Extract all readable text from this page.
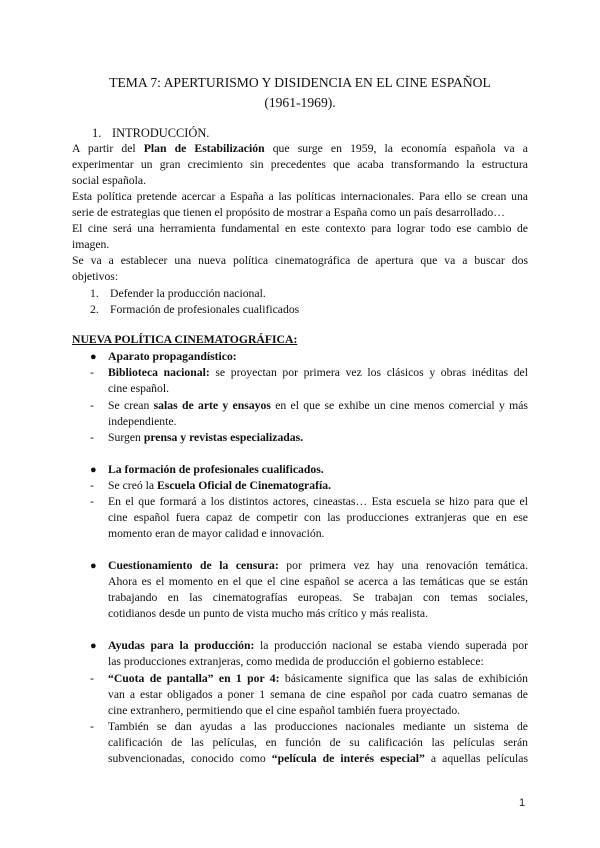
TEMA 7: APERTURISMO Y DISIDENCIA EN EL CINE ESPAÑOL
(1961-1969).
1. INTRODUCCIÓN.
A partir del Plan de Estabilización que surge en 1959, la economía española va a
experimentar un gran crecimiento sin precedentes que acaba transformando la estructura
social española.
Esta política pretende acercar a España a las políticas internacionales. Para ello se crean una
serie de estrategias que tienen el propósito de mostrar a España como un país desarrollado…
El cine será una herramienta fundamental en este contexto para lograr todo ese cambio de
imagen.
Se va a establecer una nueva política cinematográfica de apertura que va a buscar dos
objetivos:
1. Defender la producción nacional.
2. Formación de profesionales cualificados
NUEVA POLÍTICA CINEMATOGRÁFICA:
● Aparato propagandístico:
- Biblioteca nacional: se proyectan por primera vez los clásicos y obras inéditas del
cine español.
- Se crean salas de arte y ensayos en el que se exhibe un cine menos comercial y más
independiente.
- Surgen prensa y revistas especializadas.
● La formación de profesionales cualificados.
- Se creó la Escuela Oficial de Cinematografía.
- En el que formará a los distintos actores, cineastas… Esta escuela se hizo para que el
cine español fuera capaz de competir con las producciones extranjeras que en ese
momento eran de mayor calidad e innovación.
● Cuestionamiento de la censura: por primera vez hay una renovación temática.
Ahora es el momento en el que el cine español se acerca a las temáticas que se están
trabajando en las cinematografías europeas. Se trabajan con temas sociales,
cotidianos desde un punto de vista mucho más crítico y más realista.
● Ayudas para la producción: la producción nacional se estaba viendo superada por
las producciones extranjeras, como medida de producción el gobierno establece:
- “Cuota de pantalla” en 1 por 4: básicamente significa que las salas de exhibición
van a estar obligados a poner 1 semana de cine español por cada cuatro semanas de
cine extranhero, permitiendo que el cine español también fuera proyectado.
- También se dan ayudas a las producciones nacionales mediante un sistema de
calificación de las películas, en función de su calificación las películas serán
subvencionadas, conocido como “película de interés especial” a aquellas películas
1
